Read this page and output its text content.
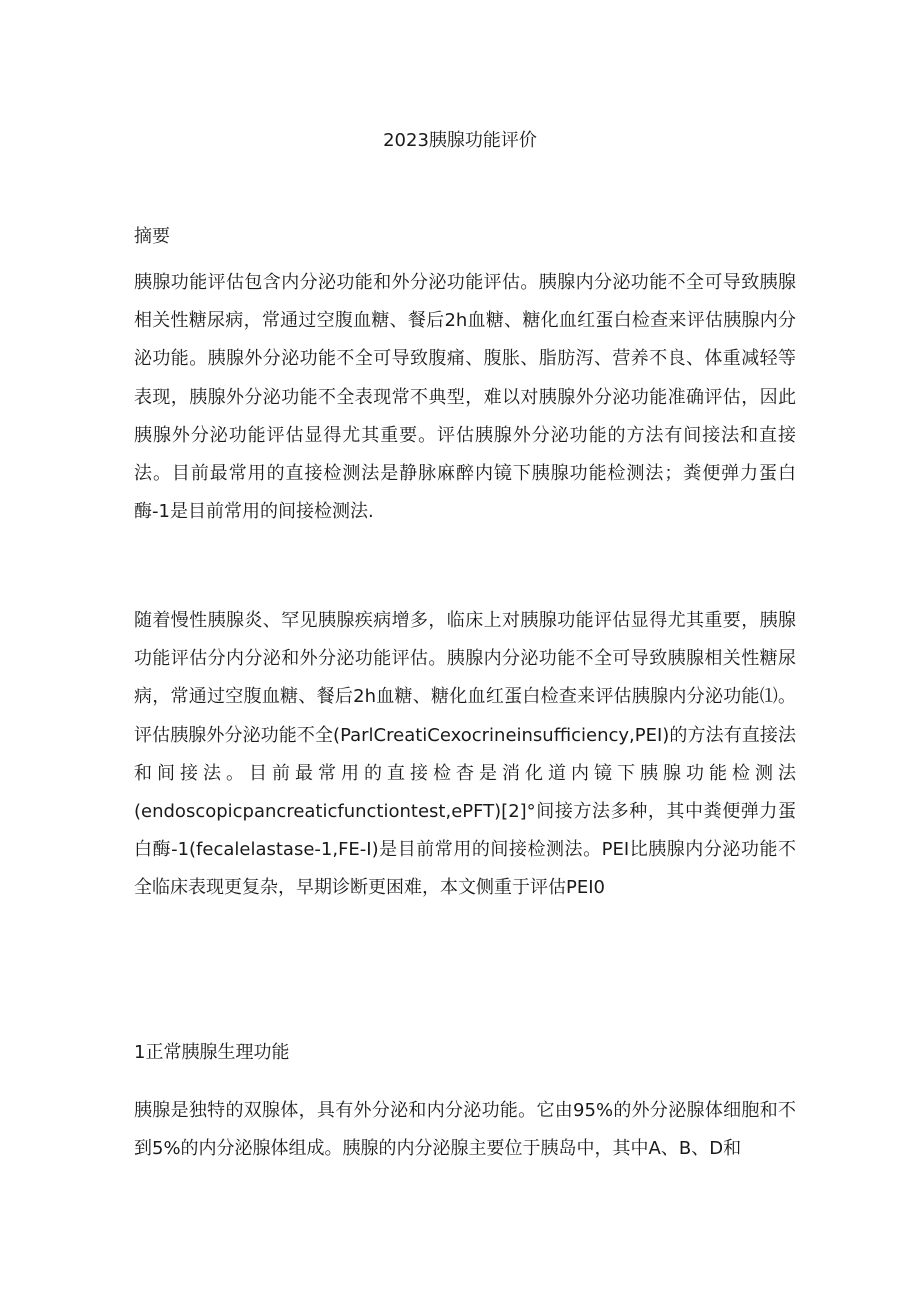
2023胰腺功能评价
摘要

胰腺功能评估包含内分泌功能和外分泌功能评估。胰腺内分泌功能不全可导致胰腺相关性糖尿病，常通过空腹血糖、餐后2h血糖、糖化血红蛋白检查来评估胰腺内分泌功能。胰腺外分泌功能不全可导致腹痛、腹胀、脂肪泻、营养不良、体重减轻等表现，胰腺外分泌功能不全表现常不典型，难以对胰腺外分泌功能准确评估，因此胰腺外分泌功能评估显得尤其重要。评估胰腺外分泌功能的方法有间接法和直接法。目前最常用的直接检测法是静脉麻醉内镜下胰腺功能检测法；粪便弹力蛋白酶-1是目前常用的间接检测法.

随着慢性胰腺炎、罕见胰腺疾病增多，临床上对胰腺功能评估显得尤其重要，胰腺功能评估分内分泌和外分泌功能评估。胰腺内分泌功能不全可导致胰腺相关性糖尿病，常通过空腹血糖、餐后2h血糖、糖化血红蛋白检查来评估胰腺内分泌功能⑴。评估胰腺外分泌功能不全(ParlCreatiCexocrineinsufficiency,PEI)的方法有直接法和间接法。目前最常用的直接检杳是消化道内镜下胰腺功能检测法(endoscopicpancreaticfunctiontest,ePFT)[2]°间接方法多种，其中粪便弹力蛋白酶-1(fecalelastase-1,FE-I)是目前常用的间接检测法。PEI比胰腺内分泌功能不全临床表现更复杂，早期诊断更困难，本文侧重于评估PEI0

1正常胰腺生理功能

胰腺是独特的双腺体，具有外分泌和内分泌功能。它由95%的外分泌腺体细胞和不到5%的内分泌腺体组成。胰腺的内分泌腺主要位于胰岛中，其中A、B、D和
